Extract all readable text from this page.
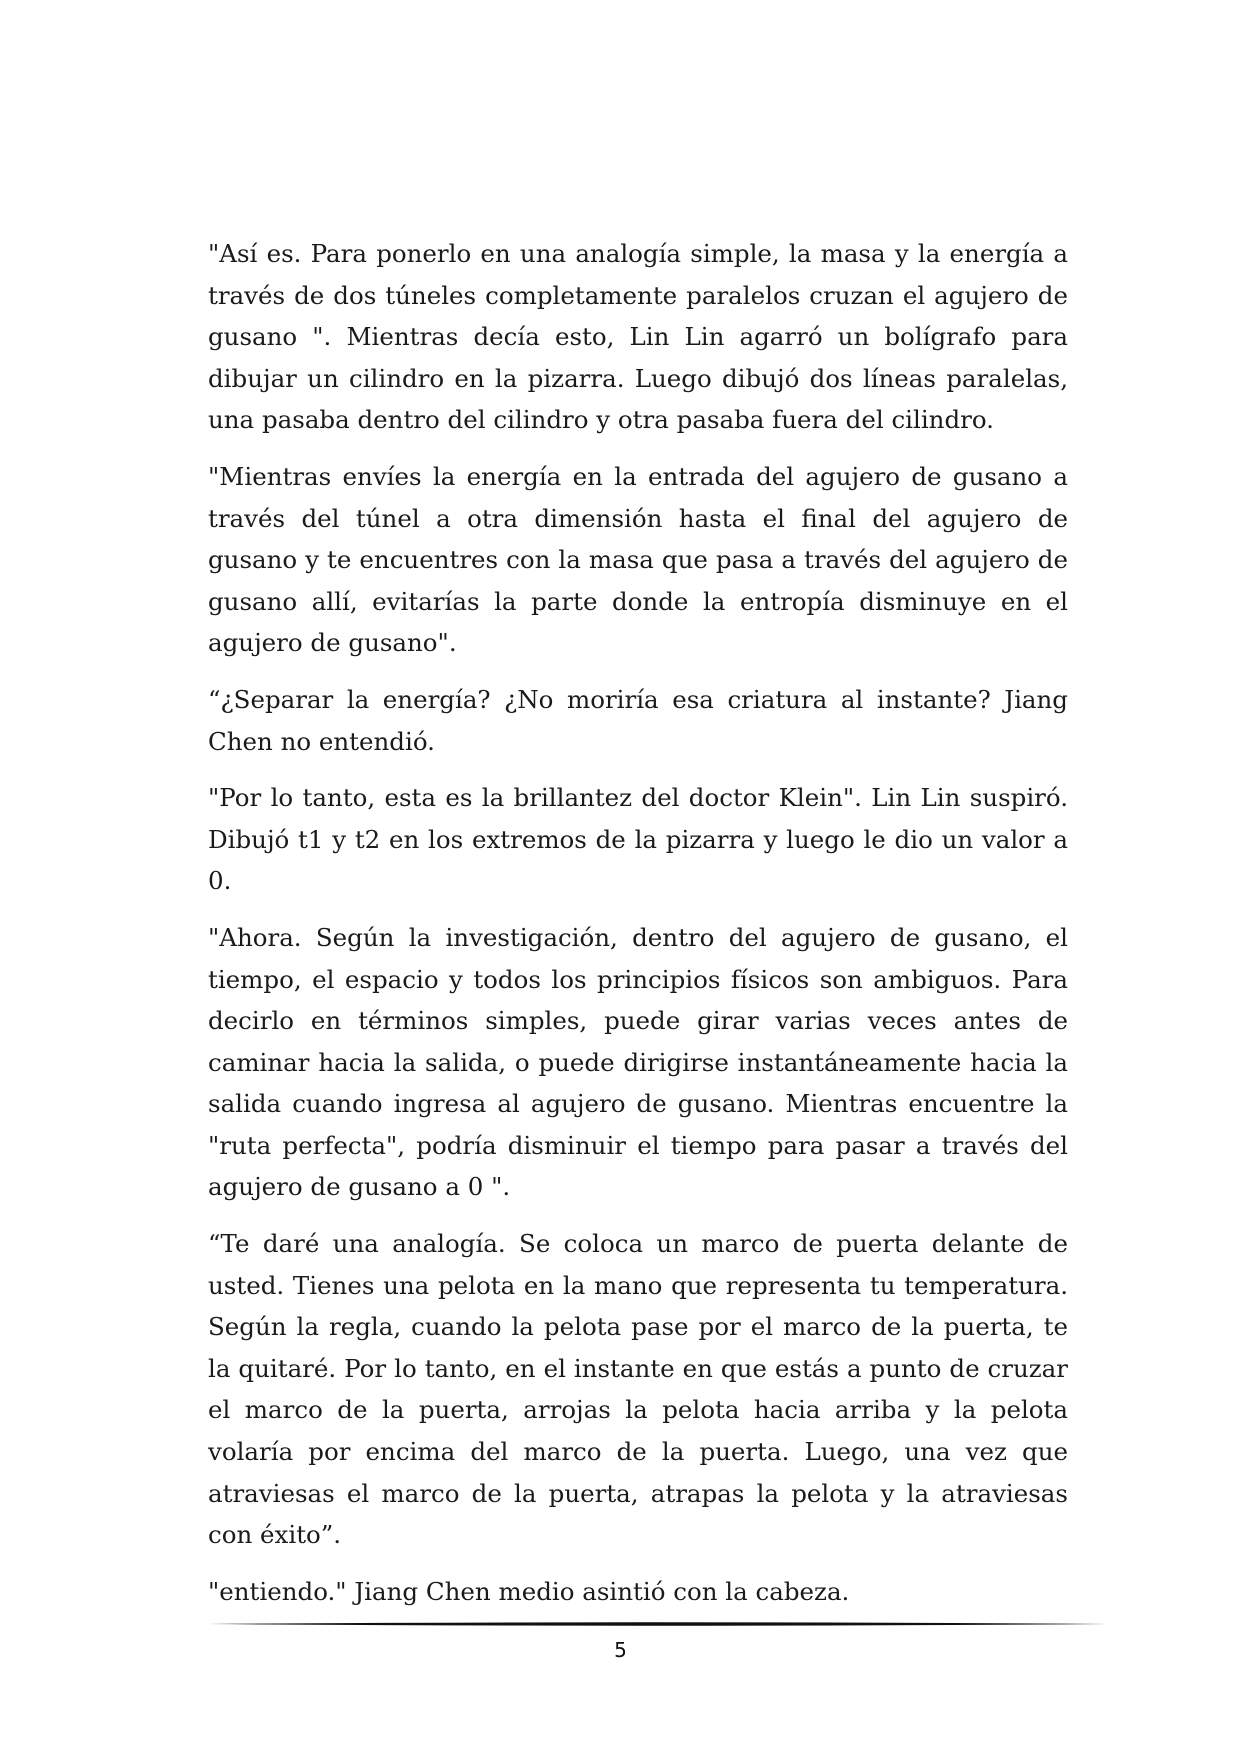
"Así es. Para ponerlo en una analogía simple, la masa y la energía a través de dos túneles completamente paralelos cruzan el agujero de gusano ". Mientras decía esto, Lin Lin agarró un bolígrafo para dibujar un cilindro en la pizarra. Luego dibujó dos líneas paralelas, una pasaba dentro del cilindro y otra pasaba fuera del cilindro.

"Mientras envíes la energía en la entrada del agujero de gusano a través del túnel a otra dimensión hasta el final del agujero de gusano y te encuentres con la masa que pasa a través del agujero de gusano allí, evitarías la parte donde la entropía disminuye en el agujero de gusano".

“¿Separar la energía? ¿No moriría esa criatura al instante? Jiang Chen no entendió.

"Por lo tanto, esta es la brillantez del doctor Klein". Lin Lin suspiró. Dibujó t1 y t2 en los extremos de la pizarra y luego le dio un valor a 0.

"Ahora. Según la investigación, dentro del agujero de gusano, el tiempo, el espacio y todos los principios físicos son ambiguos. Para decirlo en términos simples, puede girar varias veces antes de caminar hacia la salida, o puede dirigirse instantáneamente hacia la salida cuando ingresa al agujero de gusano. Mientras encuentre la "ruta perfecta", podría disminuir el tiempo para pasar a través del agujero de gusano a 0 ".

“Te daré una analogía. Se coloca un marco de puerta delante de usted. Tienes una pelota en la mano que representa tu temperatura. Según la regla, cuando la pelota pase por el marco de la puerta, te la quitaré. Por lo tanto, en el instante en que estás a punto de cruzar el marco de la puerta, arrojas la pelota hacia arriba y la pelota volaría por encima del marco de la puerta. Luego, una vez que atraviesas el marco de la puerta, atrapas la pelota y la atraviesas con éxito”.

"entiendo." Jiang Chen medio asintió con la cabeza.

5
